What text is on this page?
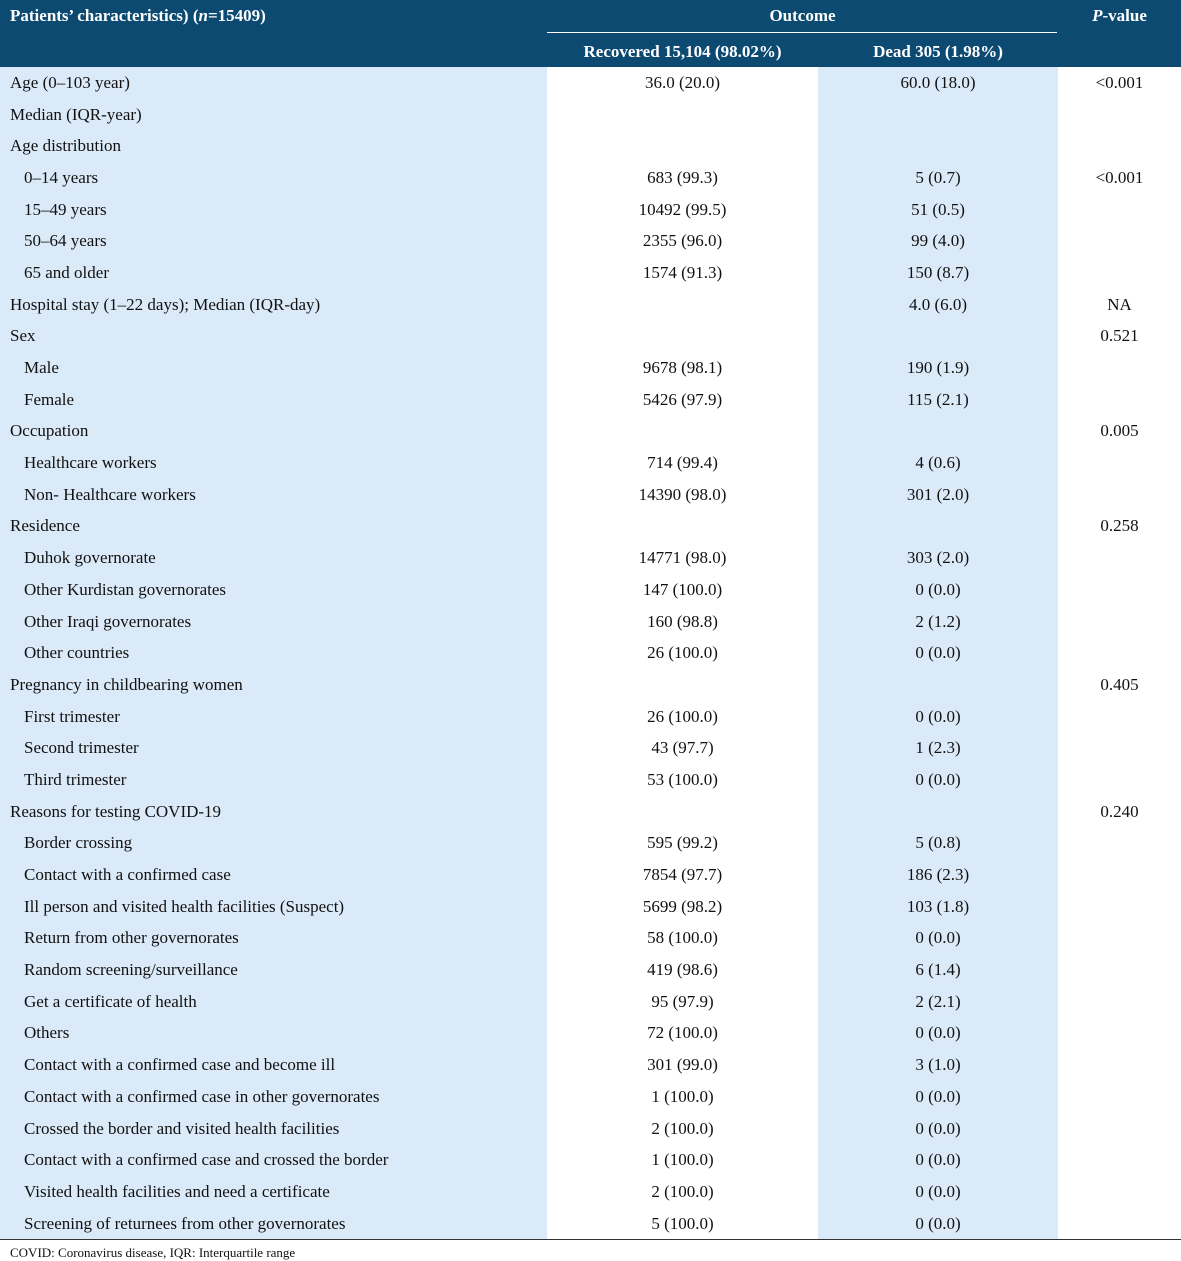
Patients’ characteristics) (n=15409)	Outcome		P-value
	Recovered 15,104 (98.02%)	Dead 305 (1.98%)	
Age (0–103 year)	36.0 (20.0)	60.0 (18.0)	<0.001
Median (IQR-year)			
Age distribution			
0–14 years	683 (99.3)	5 (0.7)	<0.001
15–49 years	10492 (99.5)	51 (0.5)	
50–64 years	2355 (96.0)	99 (4.0)	
65 and older	1574 (91.3)	150 (8.7)	
Hospital stay (1–22 days); Median (IQR-day)		4.0 (6.0)	NA
Sex			0.521
Male	9678 (98.1)	190 (1.9)	
Female	5426 (97.9)	115 (2.1)	
Occupation			0.005
Healthcare workers	714 (99.4)	4 (0.6)	
Non- Healthcare workers	14390 (98.0)	301 (2.0)	
Residence			0.258
Duhok governorate	14771 (98.0)	303 (2.0)	
Other Kurdistan governorates	147 (100.0)	0 (0.0)	
Other Iraqi governorates	160 (98.8)	2 (1.2)	
Other countries	26 (100.0)	0 (0.0)	
Pregnancy in childbearing women			0.405
First trimester	26 (100.0)	0 (0.0)	
Second trimester	43 (97.7)	1 (2.3)	
Third trimester	53 (100.0)	0 (0.0)	
Reasons for testing COVID-19			0.240
Border crossing	595 (99.2)	5 (0.8)	
Contact with a confirmed case	7854 (97.7)	186 (2.3)	
Ill person and visited health facilities (Suspect)	5699 (98.2)	103 (1.8)	
Return from other governorates	58 (100.0)	0 (0.0)	
Random screening/surveillance	419 (98.6)	6 (1.4)	
Get a certificate of health	95 (97.9)	2 (2.1)	
Others	72 (100.0)	0 (0.0)	
Contact with a confirmed case and become ill	301 (99.0)	3 (1.0)	
Contact with a confirmed case in other governorates	1 (100.0)	0 (0.0)	
Crossed the border and visited health facilities	2 (100.0)	0 (0.0)	
Contact with a confirmed case and crossed the border	1 (100.0)	0 (0.0)	
Visited health facilities and need a certificate	2 (100.0)	0 (0.0)	
Screening of returnees from other governorates	5 (100.0)	0 (0.0)	
COVID: Coronavirus disease, IQR: Interquartile range
